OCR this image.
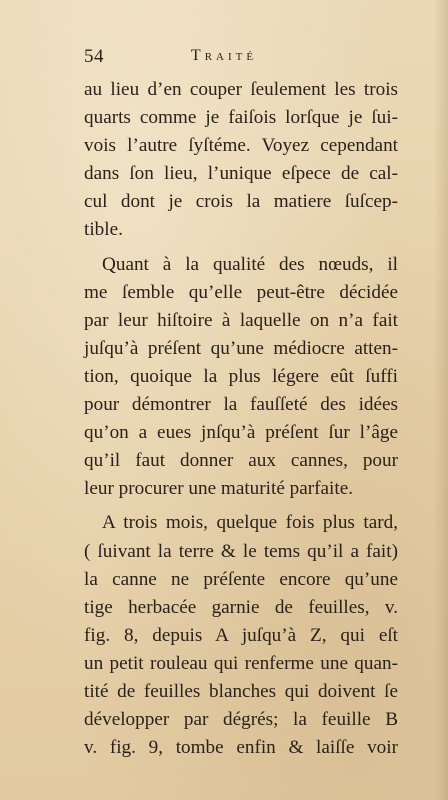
54	Traité
au lieu d’en couper ſeulement les trois
quarts comme je faiſois lorſque je ſui-
vois l’autre ſyſtéme. Voyez cependant
dans ſon lieu, l’unique eſpece de cal-
cul dont je crois la matiere ſuſcep-
tible.
Quant à la qualité des nœuds, il
me ſemble qu’elle peut-être décidée
par leur hiſtoire à laquelle on n’a fait
juſqu’à préſent qu’une médiocre atten-
tion, quoique la plus légere eût ſuffi
pour démontrer la fauſſeté des idées
qu’on a eues jnſqu’à préſent ſur l’âge
qu’il faut donner aux cannes, pour
leur procurer une maturité parfaite.
A trois mois, quelque fois plus tard,
( ſuivant la terre & le tems qu’il a fait)
la canne ne préſente encore qu’une
tige herbacée garnie de feuilles, v.
fig. 8, depuis A juſqu’à Z, qui eſt
un petit rouleau qui renferme une quan-
tité de feuilles blanches qui doivent ſe
développer par dégrés; la feuille B
v. fig. 9, tombe enfin & laiſſe voir
